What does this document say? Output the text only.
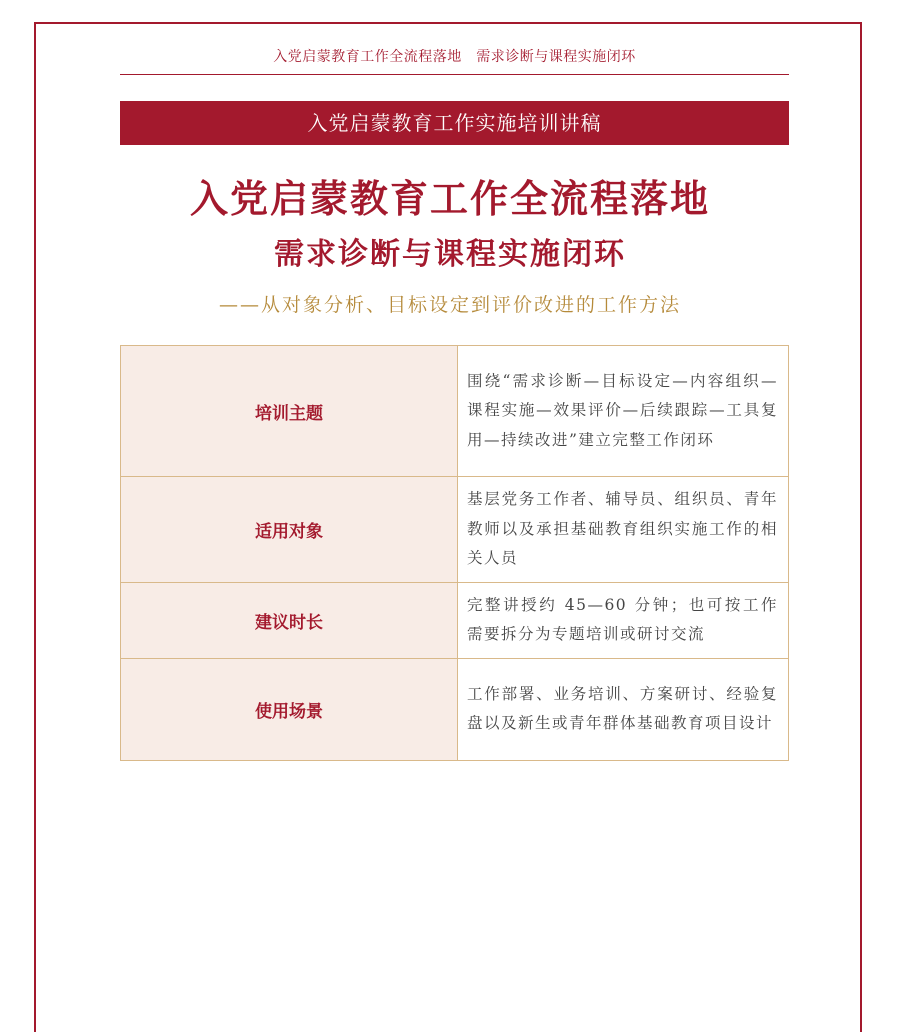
入党启蒙教育工作全流程落地　需求诊断与课程实施闭环
入党启蒙教育工作实施培训讲稿
入党启蒙教育工作全流程落地
需求诊断与课程实施闭环
——从对象分析、目标设定到评价改进的工作方法
培训主题	围绕“需求诊断—目标设定—内容组织—课程实施—效果评价—后续跟踪—工具复用—持续改进”建立完整工作闭环
适用对象	基层党务工作者、辅导员、组织员、青年教师以及承担基础教育组织实施工作的相关人员
建议时长	完整讲授约 45—60 分钟；也可按工作需要拆分为专题培训或研讨交流
使用场景	工作部署、业务培训、方案研讨、经验复盘以及新生或青年群体基础教育项目设计
